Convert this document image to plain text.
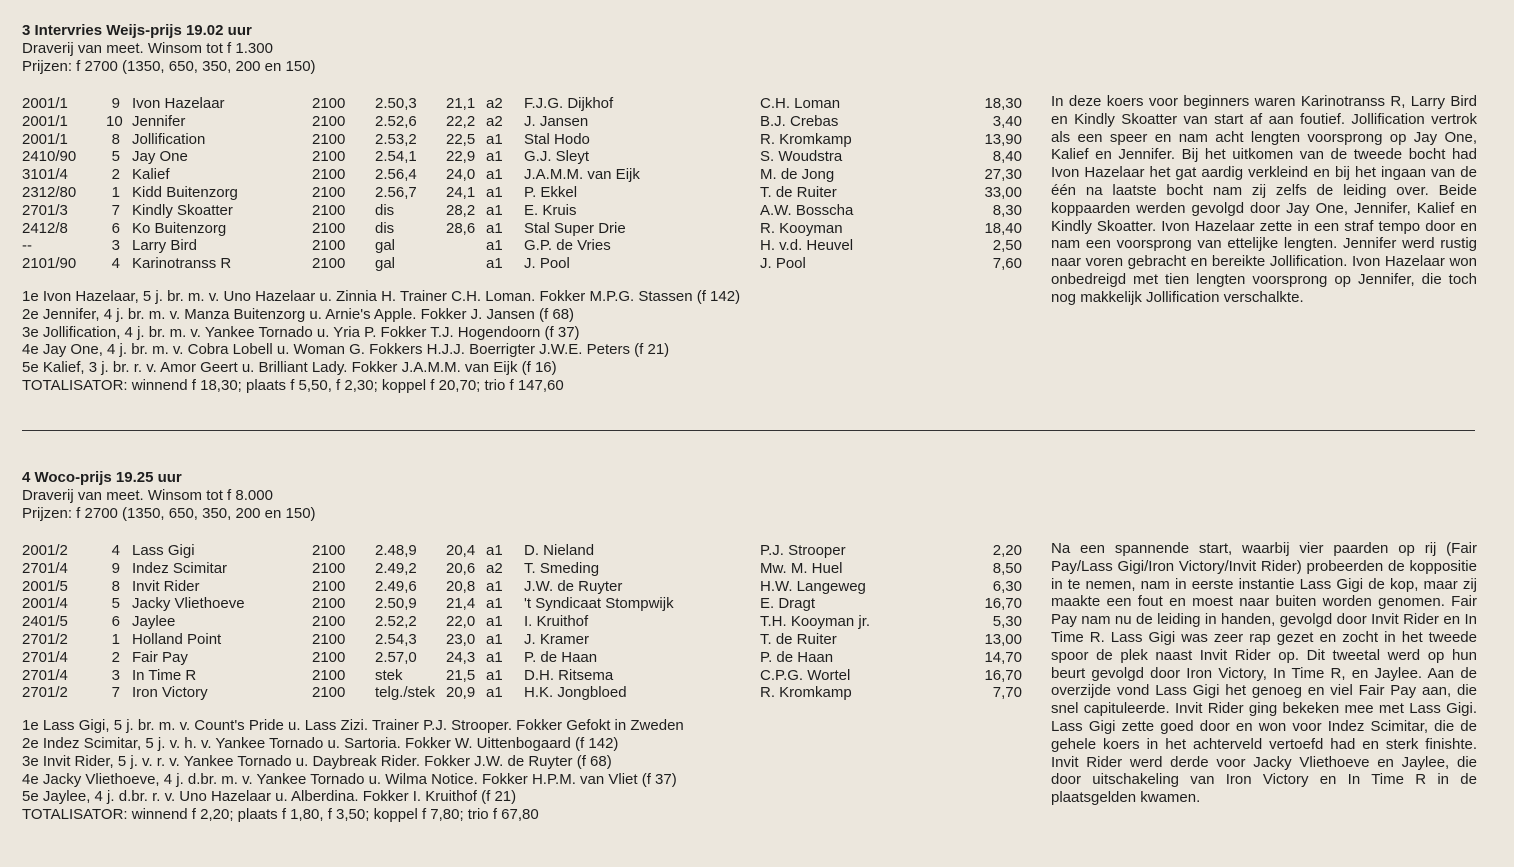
3 Intervries Weijs-prijs 19.02 uur
Draverij van meet. Winsom tot f 1.300
Prijzen: f 2700 (1350, 650, 350, 200 en 150)
2001/1	9 Ivon Hazelaar	2100 2.50,3 21,1 a2 F.J.G. Dijkhof	C.H. Loman	18,30
2001/1	10 Jennifer	2100 2.52,6 22,2 a2 J. Jansen	B.J. Crebas	3,40
2001/1	8 Jollification	2100 2.53,2 22,5 a1 Stal Hodo	R. Kromkamp	13,90
2410/90	5 Jay One	2100 2.54,1 22,9 a1 G.J. Sleyt	S. Woudstra	8,40
3101/4	2 Kalief	2100 2.56,4 24,0 a1 J.A.M.M. van Eijk	M. de Jong	27,30
2312/80	1 Kidd Buitenzorg	2100 2.56,7 24,1 a1 P. Ekkel	T. de Ruiter	33,00
2701/3	7 Kindly Skoatter	2100 dis	28,2 a1 E. Kruis	A.W. Bosscha	8,30
2412/8	6 Ko Buitenzorg	2100 dis	28,6 a1 Stal Super Drie	R. Kooyman	18,40
--	3 Larry Bird	2100 gal	a1 G.P. de Vries	H. v.d. Heuvel	2,50
2101/90	4 Karinotranss R	2100 gal	a1 J. Pool	J. Pool	7,60
1e Ivon Hazelaar, 5 j. br. m. v. Uno Hazelaar u. Zinnia H. Trainer C.H. Loman. Fokker M.P.G. Stassen (f 142)
2e Jennifer, 4 j. br. m. v. Manza Buitenzorg u. Arnie's Apple. Fokker J. Jansen (f 68)
3e Jollification, 4 j. br. m. v. Yankee Tornado u. Yria P. Fokker T.J. Hogendoorn (f 37)
4e Jay One, 4 j. br. m. v. Cobra Lobell u. Woman G. Fokkers H.J.J. Boerrigter J.W.E. Peters (f 21)
5e Kalief, 3 j. br. r. v. Amor Geert u. Brilliant Lady. Fokker J.A.M.M. van Eijk (f 16)
TOTALISATOR: winnend f 18,30; plaats f 5,50, f 2,30; koppel f 20,70; trio f 147,60
In deze koers voor beginners waren Karinotranss R, Larry Bird en Kindly Skoatter van start af aan foutief. Jollification vertrok als een speer en nam acht lengten voorsprong op Jay One, Kalief en Jennifer. Bij het uitkomen van de tweede bocht had Ivon Hazelaar het gat aardig verkleind en bij het ingaan van de één na laatste bocht nam zij zelfs de leiding over. Beide koppaarden werden gevolgd door Jay One, Jennifer, Kalief en Kindly Skoatter. Ivon Hazelaar zette in een straf tempo door en nam een voorsprong van ettelijke lengten. Jennifer werd rustig naar voren gebracht en bereikte Jollification. Ivon Hazelaar won onbedreigd met tien lengten voorsprong op Jennifer, die toch nog makkelijk Jollification verschalkte.
4 Woco-prijs 19.25 uur
Draverij van meet. Winsom tot f 8.000
Prijzen: f 2700 (1350, 650, 350, 200 en 150)
2001/2	4 Lass Gigi	2100 2.48,9 20,4 a1 D. Nieland	P.J. Strooper	2,20
2701/4	9 Indez Scimitar	2100 2.49,2 20,6 a2 T. Smeding	Mw. M. Huel	8,50
2001/5	8 Invit Rider	2100 2.49,6 20,8 a1 J.W. de Ruyter	H.W. Langeweg	6,30
2001/4	5 Jacky Vliethoeve	2100 2.50,9 21,4 a1 't Syndicaat Stompwijk	E. Dragt	16,70
2401/5	6 Jaylee	2100 2.52,2 22,0 a1 I. Kruithof	T.H. Kooyman jr.	5,30
2701/2	1 Holland Point	2100 2.54,3 23,0 a1 J. Kramer	T. de Ruiter	13,00
2701/4	2 Fair Pay	2100 2.57,0 24,3 a1 P. de Haan	P. de Haan	14,70
2701/4	3 In Time R	2100 stek	21,5 a1 D.H. Ritsema	C.P.G. Wortel	16,70
2701/2	7 Iron Victory	2100 telg./stek 20,9 a1 H.K. Jongbloed	R. Kromkamp	7,70
1e Lass Gigi, 5 j. br. m. v. Count's Pride u. Lass Zizi. Trainer P.J. Strooper. Fokker Gefokt in Zweden
2e Indez Scimitar, 5 j. v. h. v. Yankee Tornado u. Sartoria. Fokker W. Uittenbogaard (f 142)
3e Invit Rider, 5 j. v. r. v. Yankee Tornado u. Daybreak Rider. Fokker J.W. de Ruyter (f 68)
4e Jacky Vliethoeve, 4 j. d.br. m. v. Yankee Tornado u. Wilma Notice. Fokker H.P.M. van Vliet (f 37)
5e Jaylee, 4 j. d.br. r. v. Uno Hazelaar u. Alberdina. Fokker I. Kruithof (f 21)
TOTALISATOR: winnend f 2,20; plaats f 1,80, f 3,50; koppel f 7,80; trio f 67,80
Na een spannende start, waarbij vier paarden op rij (Fair Pay/Lass Gigi/Iron Victory/Invit Rider) probeerden de koppositie in te nemen, nam in eerste instantie Lass Gigi de kop, maar zij maakte een fout en moest naar buiten worden genomen. Fair Pay nam nu de leiding in handen, gevolgd door Invit Rider en In Time R. Lass Gigi was zeer rap gezet en zocht in het tweede spoor de plek naast Invit Rider op. Dit tweetal werd op hun beurt gevolgd door Iron Victory, In Time R, en Jaylee. Aan de overzijde vond Lass Gigi het genoeg en viel Fair Pay aan, die snel capituleerde. Invit Rider ging bekeken mee met Lass Gigi. Lass Gigi zette goed door en won voor Indez Scimitar, die de gehele koers in het achterveld vertoefd had en sterk finishte. Invit Rider werd derde voor Jacky Vliethoeve en Jaylee, die door uitschakeling van Iron Victory en In Time R in de plaatsgelden kwamen.
